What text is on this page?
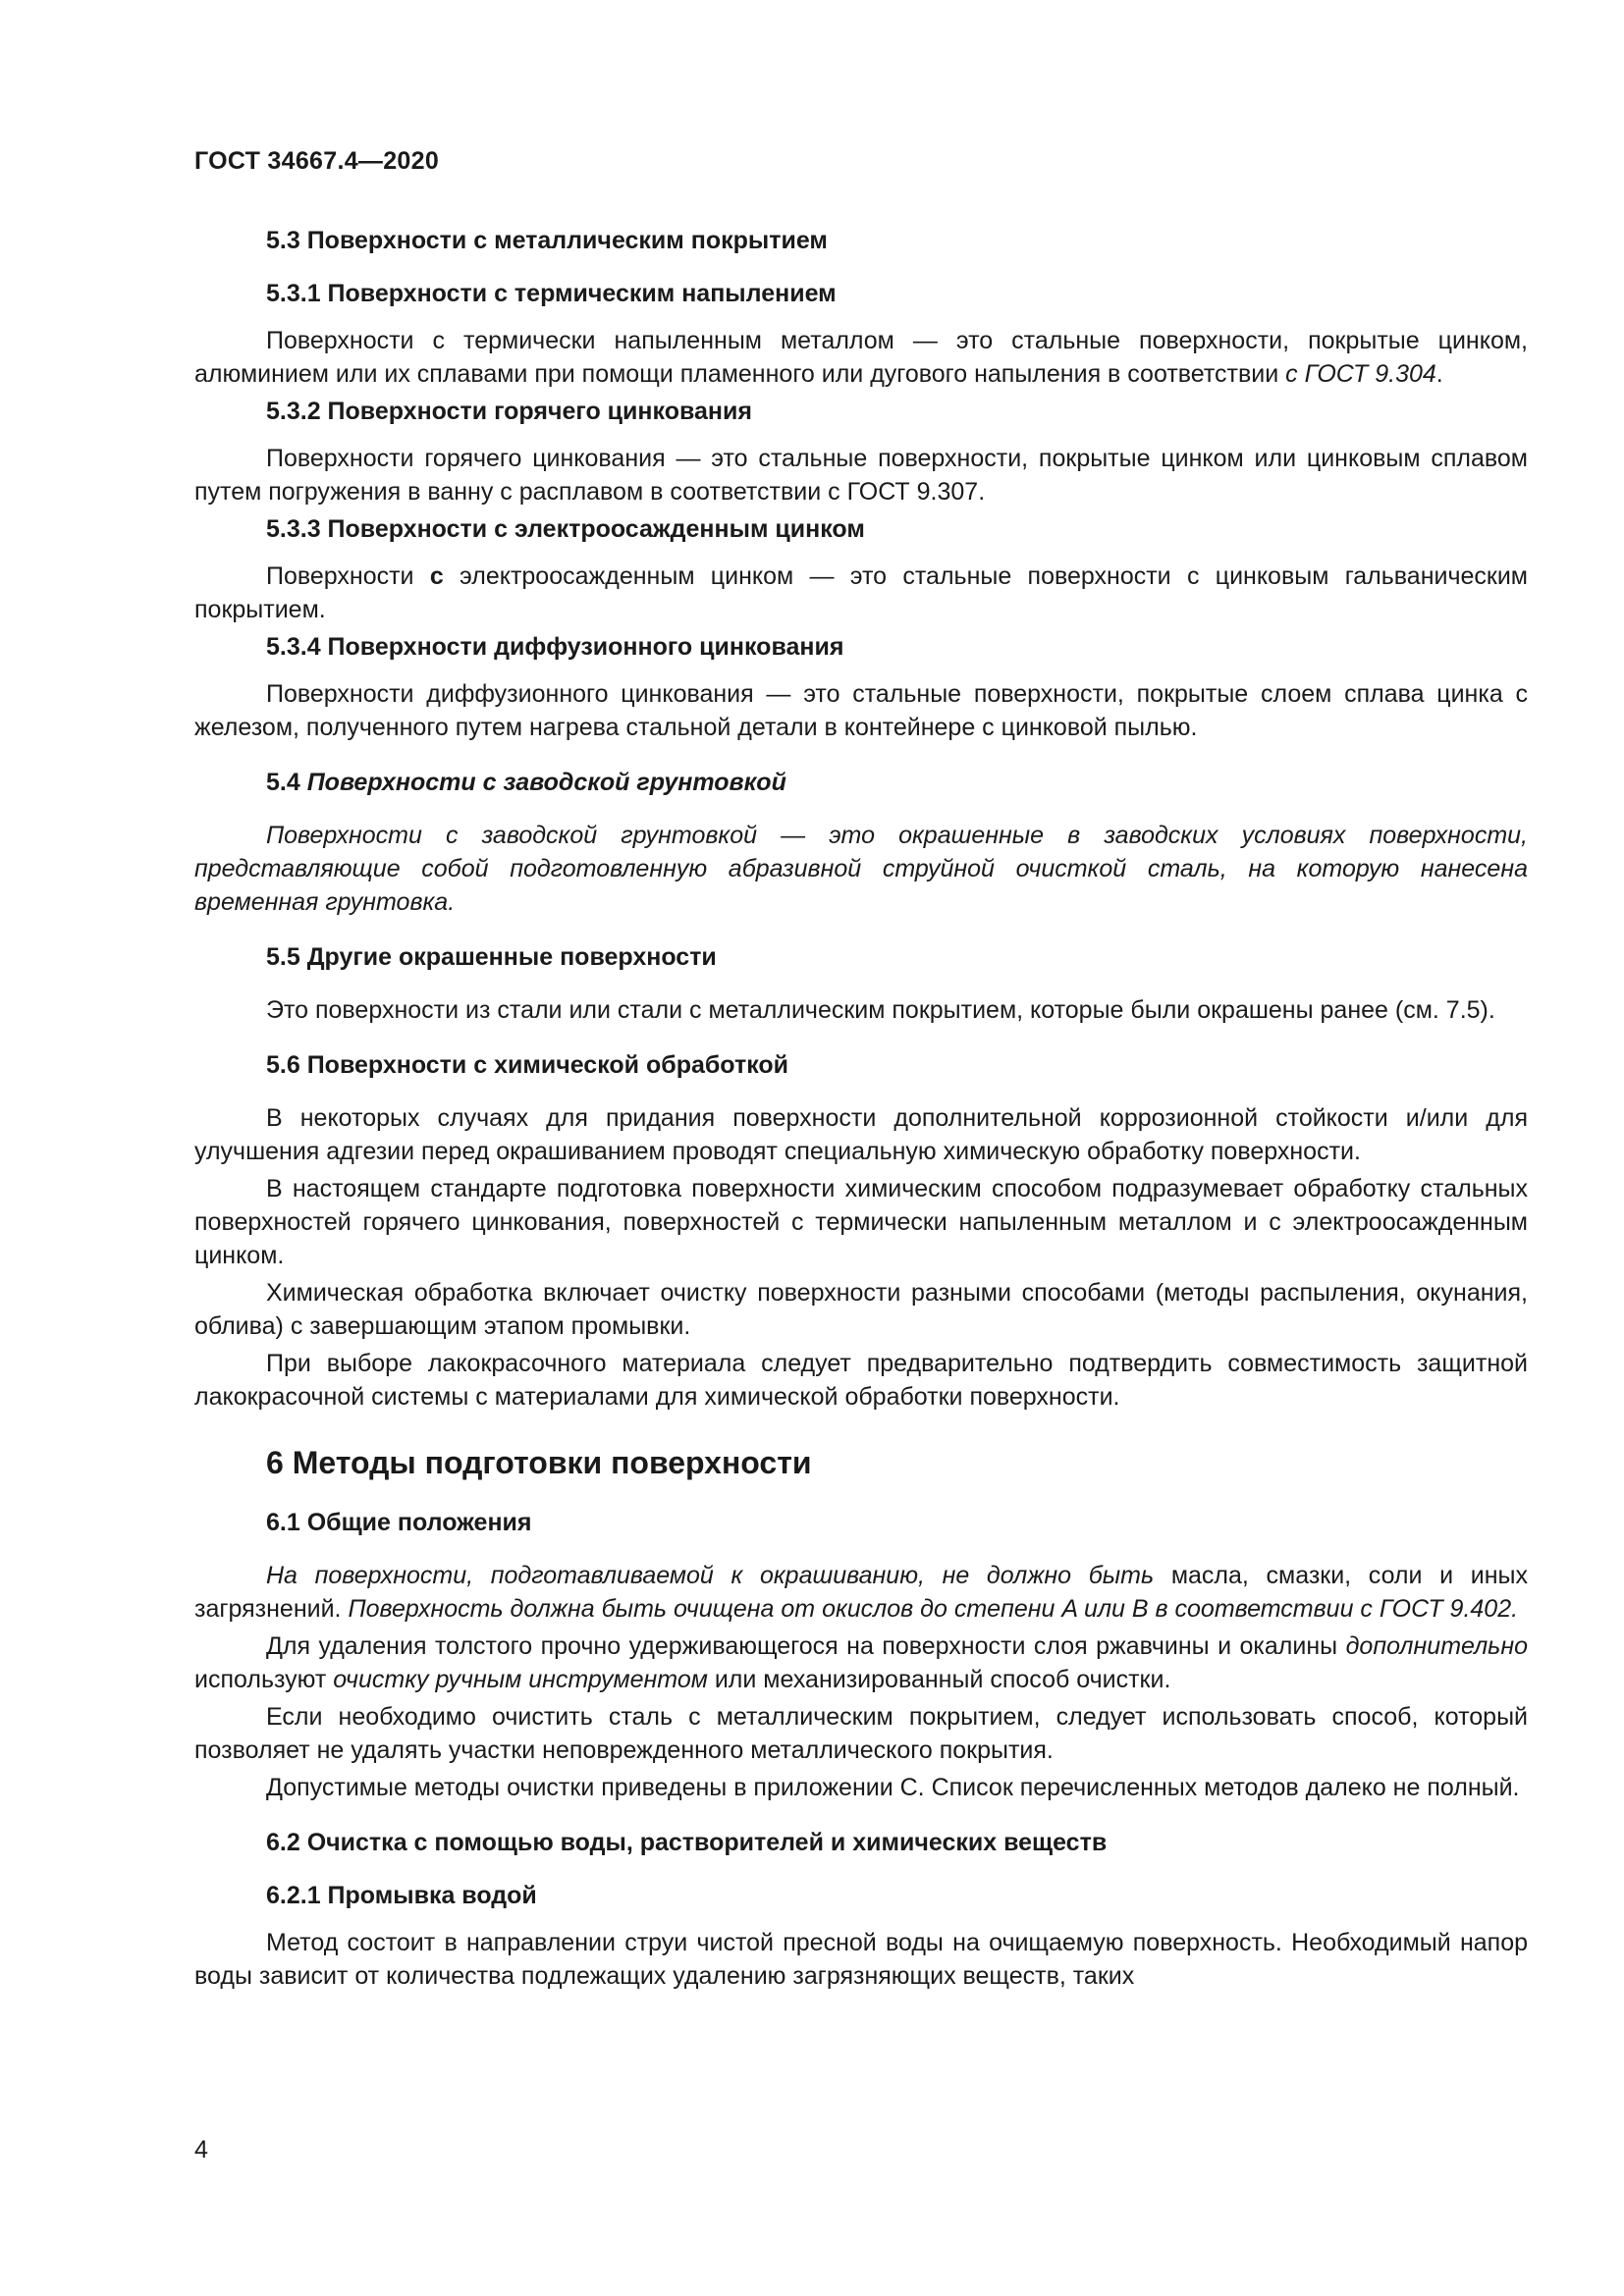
ГОСТ 34667.4—2020
5.3 Поверхности с металлическим покрытием
5.3.1 Поверхности с термическим напылением
Поверхности с термически напыленным металлом — это стальные поверхности, покрытые цинком, алюминием или их сплавами при помощи пламенного или дугового напыления в соответствии с ГОСТ 9.304.
5.3.2 Поверхности горячего цинкования
Поверхности горячего цинкования — это стальные поверхности, покрытые цинком или цинковым сплавом путем погружения в ванну с расплавом в соответствии с ГОСТ 9.307.
5.3.3 Поверхности с электроосажденным цинком
Поверхности с электроосажденным цинком — это стальные поверхности с цинковым гальваническим покрытием.
5.3.4 Поверхности диффузионного цинкования
Поверхности диффузионного цинкования — это стальные поверхности, покрытые слоем сплава цинка с железом, полученного путем нагрева стальной детали в контейнере с цинковой пылью.
5.4 Поверхности с заводской грунтовкой
Поверхности с заводской грунтовкой — это окрашенные в заводских условиях поверхности, представляющие собой подготовленную абразивной струйной очисткой сталь, на которую нанесена временная грунтовка.
5.5 Другие окрашенные поверхности
Это поверхности из стали или стали с металлическим покрытием, которые были окрашены ранее (см. 7.5).
5.6 Поверхности с химической обработкой
В некоторых случаях для придания поверхности дополнительной коррозионной стойкости и/или для улучшения адгезии перед окрашиванием проводят специальную химическую обработку поверхности.
В настоящем стандарте подготовка поверхности химическим способом подразумевает обработку стальных поверхностей горячего цинкования, поверхностей с термически напыленным металлом и с электроосажденным цинком.
Химическая обработка включает очистку поверхности разными способами (методы распыления, окунания, облива) с завершающим этапом промывки.
При выборе лакокрасочного материала следует предварительно подтвердить совместимость защитной лакокрасочной системы с материалами для химической обработки поверхности.
6 Методы подготовки поверхности
6.1 Общие положения
На поверхности, подготавливаемой к окрашиванию, не должно быть масла, смазки, соли и иных загрязнений. Поверхность должна быть очищена от окислов до степени A или B в соответствии с ГОСТ 9.402.
Для удаления толстого прочно удерживающегося на поверхности слоя ржавчины и окалины дополнительно используют очистку ручным инструментом или механизированный способ очистки.
Если необходимо очистить сталь с металлическим покрытием, следует использовать способ, который позволяет не удалять участки неповрежденного металлического покрытия.
Допустимые методы очистки приведены в приложении С. Список перечисленных методов далеко не полный.
6.2 Очистка с помощью воды, растворителей и химических веществ
6.2.1 Промывка водой
Метод состоит в направлении струи чистой пресной воды на очищаемую поверхность. Необходимый напор воды зависит от количества подлежащих удалению загрязняющих веществ, таких
4
